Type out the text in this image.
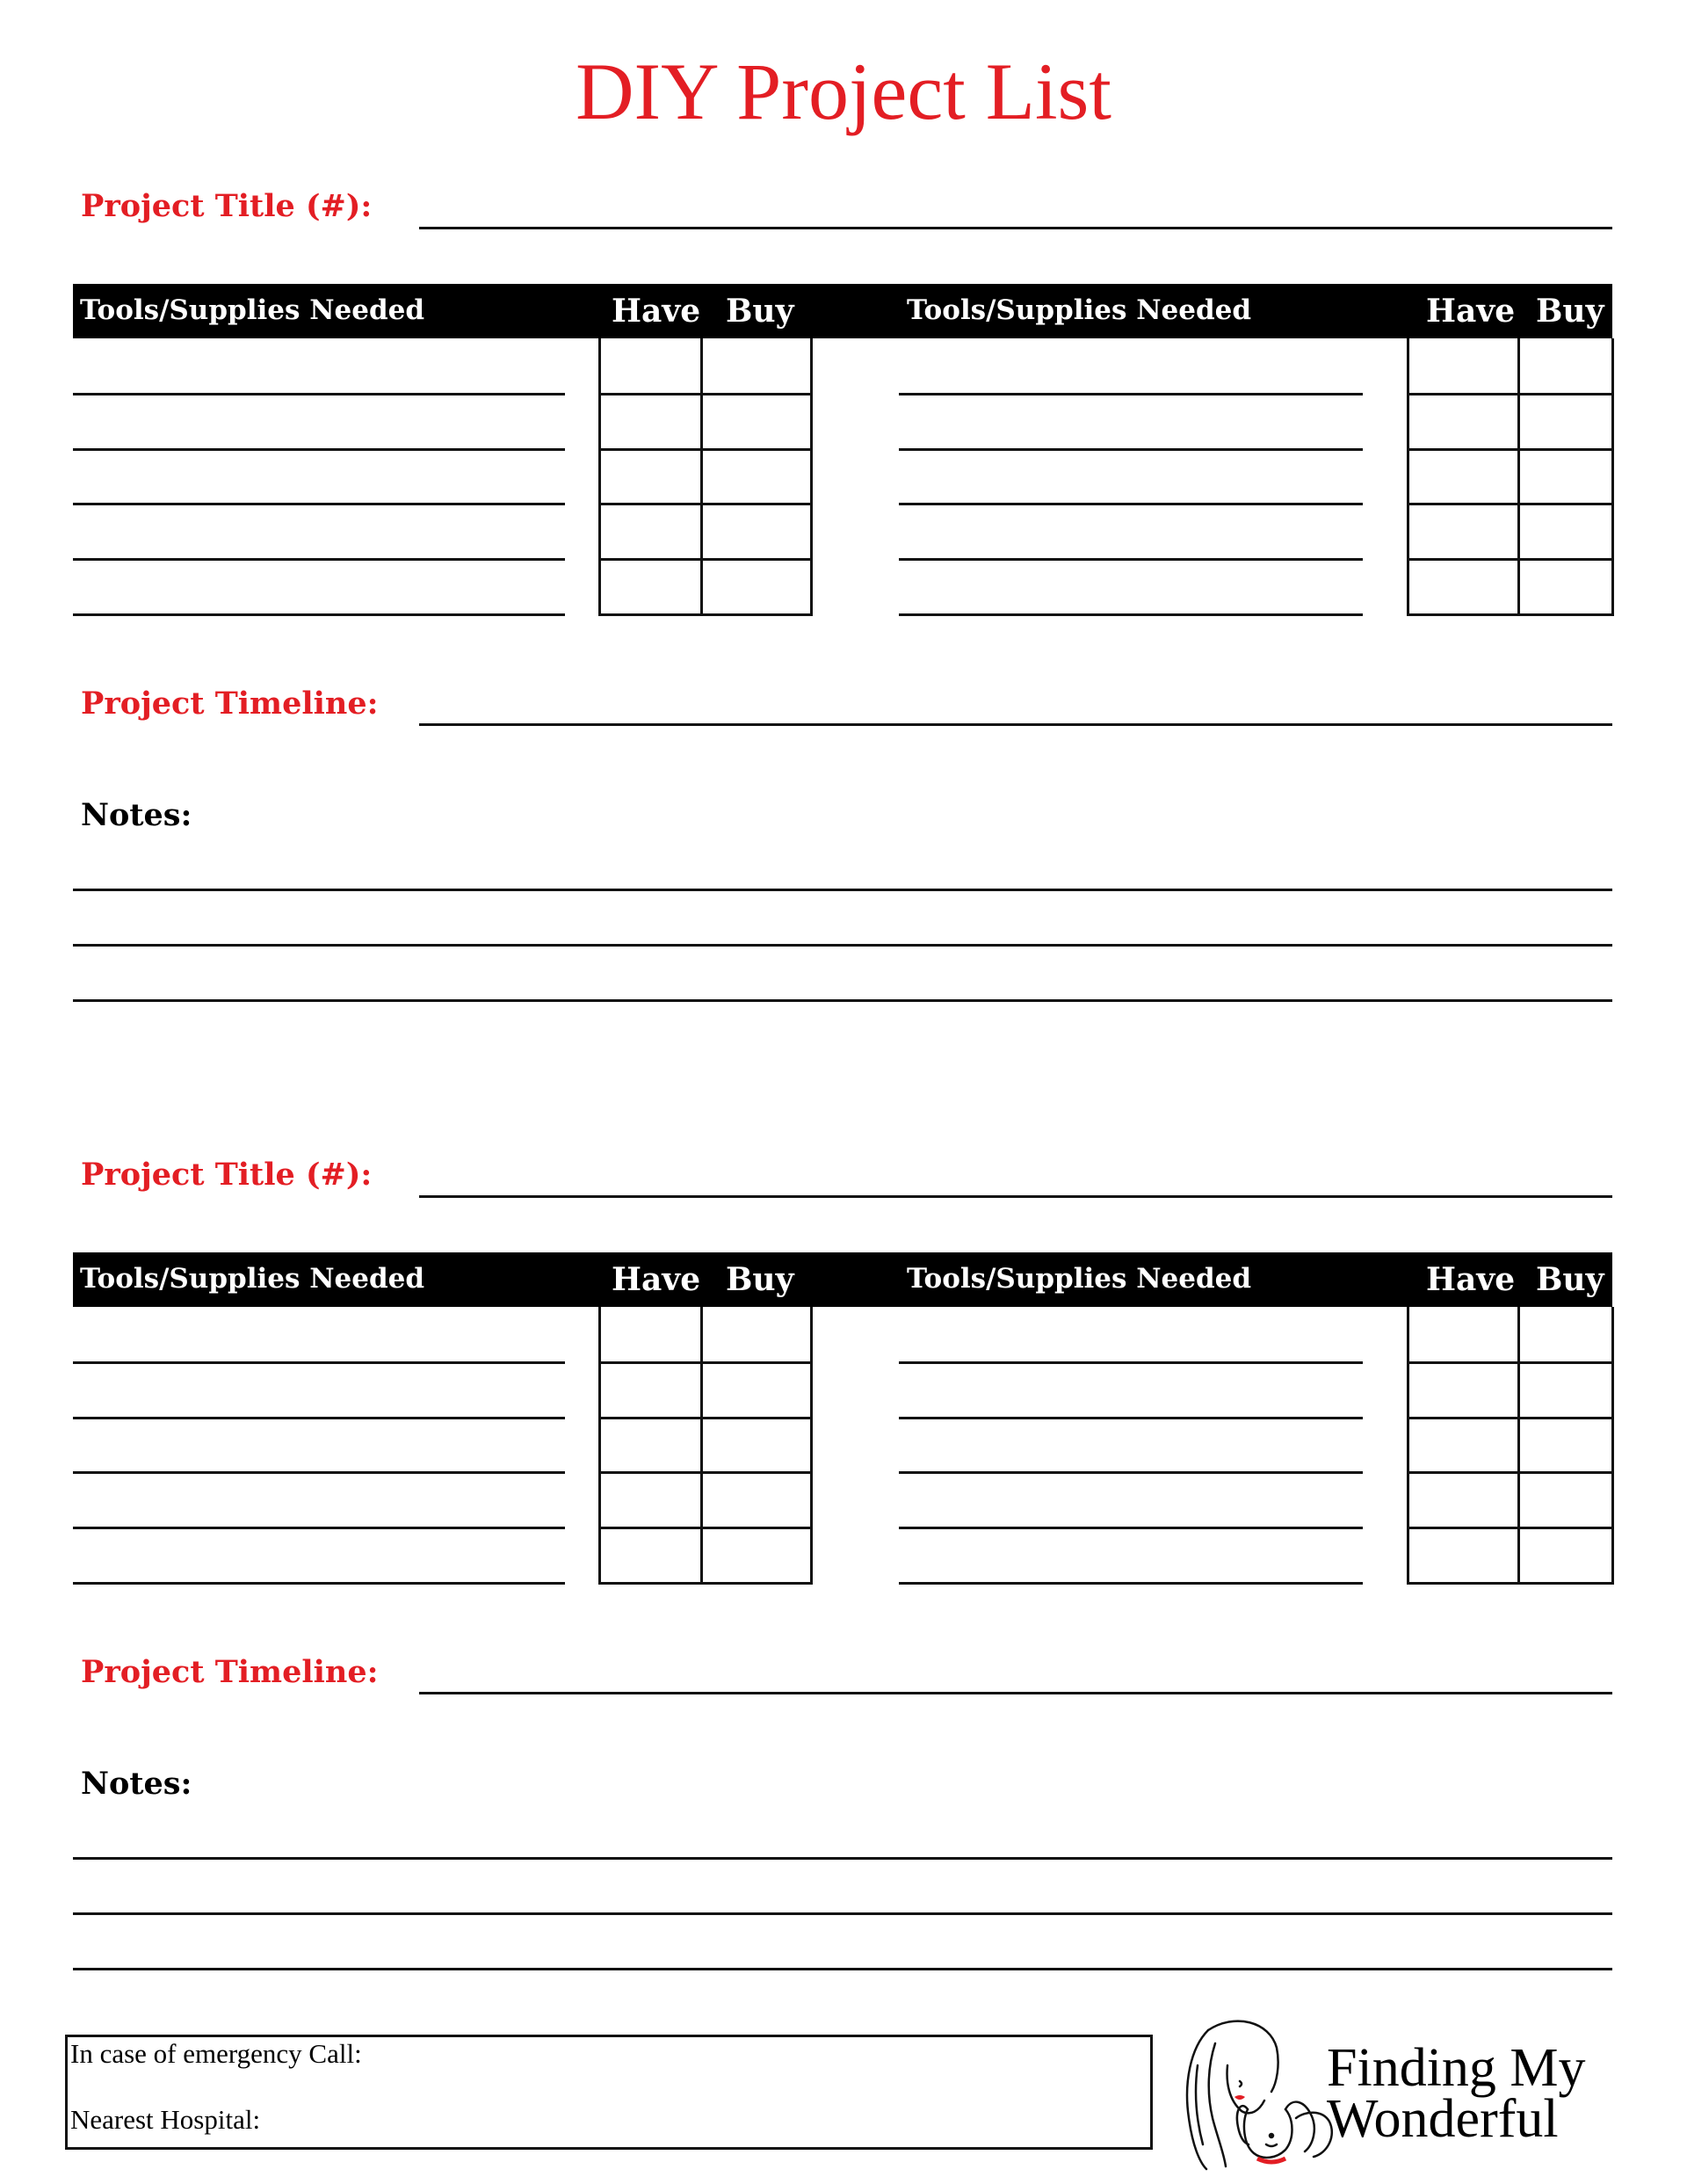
DIY Project List
Project Title (#):
Tools/Supplies Needed	Have Buy	Tools/Supplies Needed	Have Buy
Project Timeline:
Notes:
Project Title (#):
Tools/Supplies Needed	Have Buy	Tools/Supplies Needed	Have Buy
Project Timeline:
Notes:
In case of emergency Call:
Nearest Hospital:
Finding My
Wonderful
